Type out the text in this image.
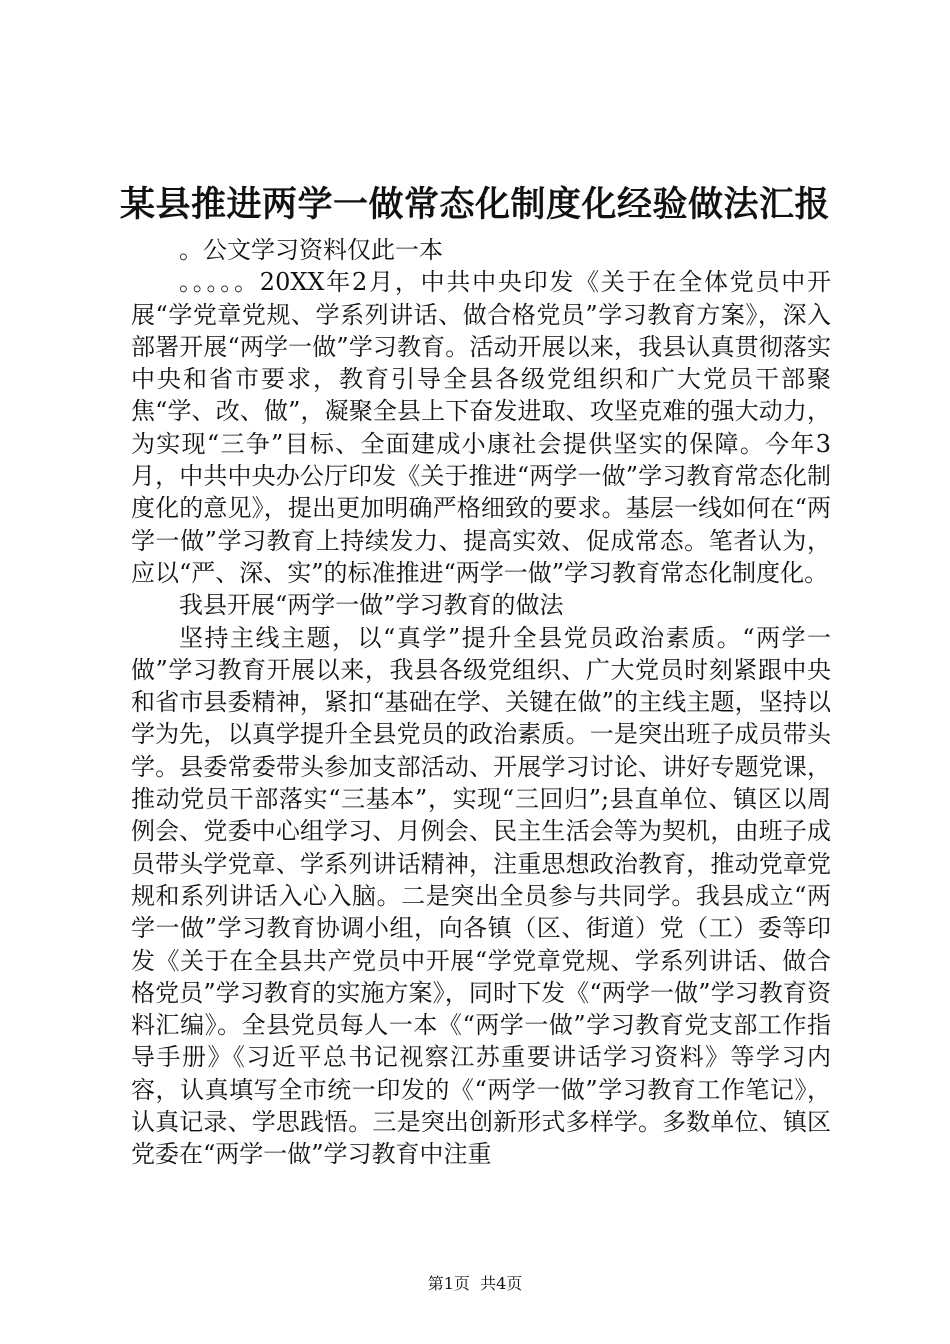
某县推进两学一做常态化制度化经验做法汇报

。公文学习资料仅此一本

。。。。。20XX年2月，中共中央印发《关于在全体党员中开展“学党章党规、学系列讲话、做合格党员”学习教育方案》，深入部署开展“两学一做”学习教育。活动开展以来，我县认真贯彻落实中央和省市要求，教育引导全县各级党组织和广大党员干部聚焦“学、改、做”，凝聚全县上下奋发进取、攻坚克难的强大动力，为实现“三争”目标、全面建成小康社会提供坚实的保障。今年3月，中共中央办公厅印发《关于推进“两学一做”学习教育常态化制度化的意见》，提出更加明确严格细致的要求。基层一线如何在“两学一做”学习教育上持续发力、提高实效、促成常态。笔者认为，应以“严、深、实”的标准推进“两学一做”学习教育常态化制度化。

我县开展“两学一做”学习教育的做法

坚持主线主题，以“真学”提升全县党员政治素质。“两学一做”学习教育开展以来，我县各级党组织、广大党员时刻紧跟中央和省市县委精神，紧扣“基础在学、关键在做”的主线主题，坚持以学为先，以真学提升全县党员的政治素质。一是突出班子成员带头学。县委常委带头参加支部活动、开展学习讨论、讲好专题党课，推动党员干部落实“三基本”，实现“三回归”;县直单位、镇区以周例会、党委中心组学习、月例会、民主生活会等为契机，由班子成员带头学党章、学系列讲话精神，注重思想政治教育，推动党章党规和系列讲话入心入脑。二是突出全员参与共同学。我县成立“两学一做”学习教育协调小组，向各镇（区、街道）党（工）委等印发《关于在全县共产党员中开展“学党章党规、学系列讲话、做合格党员”学习教育的实施方案》，同时下发《“两学一做”学习教育资料汇编》。全县党员每人一本《“两学一做”学习教育党支部工作指导手册》《习近平总书记视察江苏重要讲话学习资料》等学习内容，认真填写全市统一印发的《“两学一做”学习教育工作笔记》，认真记录、学思践悟。三是突出创新形式多样学。多数单位、镇区党委在“两学一做”学习教育中注重

第1页  共4页
